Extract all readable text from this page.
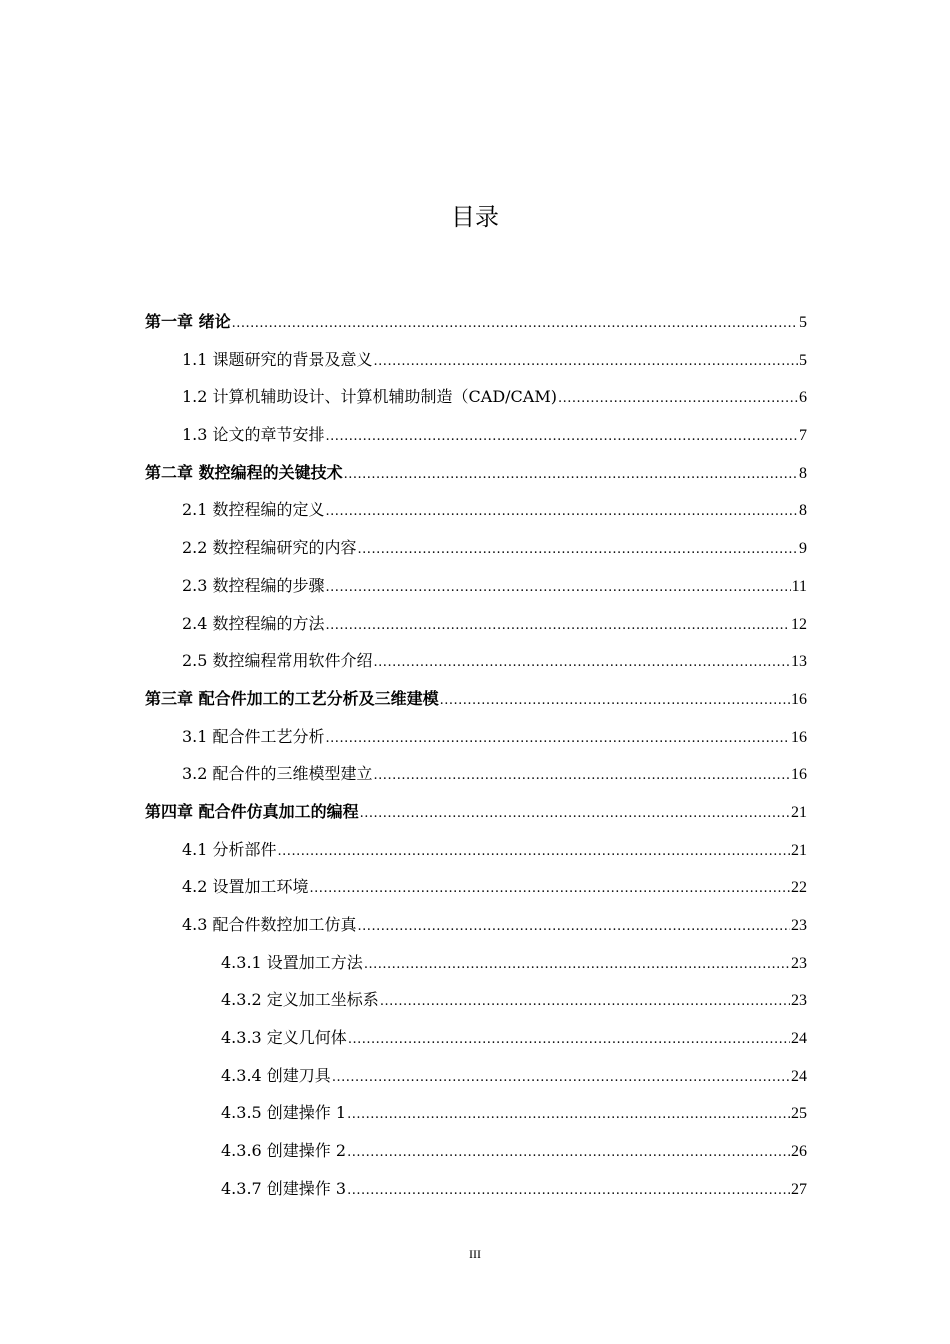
目录
第一章 绪论 .....	5
1.1 课题研究的背景及意义 .....	5
1.2 计算机辅助设计、计算机辅助制造（CAD/CAM) .....	6
1.3 论文的章节安排 .....	7
第二章 数控编程的关键技术 .....	8
2.1 数控程编的定义 .....	8
2.2 数控程编研究的内容 .....	9
2.3 数控程编的步骤 .....	11
2.4 数控程编的方法 .....	12
2.5 数控编程常用软件介绍 .....	13
第三章 配合件加工的工艺分析及三维建模 .....	16
3.1 配合件工艺分析 .....	16
3.2 配合件的三维模型建立 .....	16
第四章 配合件仿真加工的编程 .....	21
4.1 分析部件 .....	21
4.2 设置加工环境 .....	22
4.3 配合件数控加工仿真 .....	23
4.3.1 设置加工方法 .....	23
4.3.2 定义加工坐标系 .....	23
4.3.3 定义几何体 .....	24
4.3.4 创建刀具 .....	24
4.3.5 创建操作 1 .....	25
4.3.6 创建操作 2 .....	26
4.3.7 创建操作 3 .....	27
III
